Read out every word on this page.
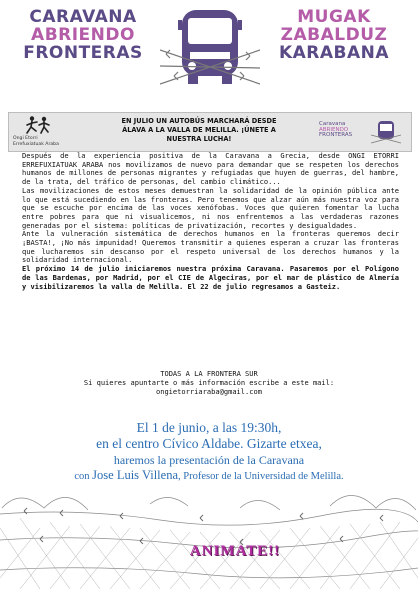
CARAVANA
ABRIENDO
FRONTERAS
MUGAK
ZABALDUZ
KARABANA
Ongi Etorri
Errefuxiatuak Araba
EN JULIO UN AUTOBÚS MARCHARÁ DESDE
ÁLAVA A LA VALLA DE MELILLA. ¡ÚNETE A
NUESTRA LUCHA!
Caravana
ABRIENDO
FRONTERAS

Después de la experiencia positiva de la Caravana a Grecia, desde ONGI ETORRI ERREFUXIATUAK ARABA nos movilizamos de nuevo para demandar que se respeten los derechos humanos de millones de personas migrantes y refugiadas que huyen de guerras, del hambre, de la trata, del tráfico de personas, del cambio climático...

Las movilizaciones de estos meses demuestran la solidaridad de la opinión pública ante lo que está sucediendo en las fronteras. Pero tenemos que alzar aún más nuestra voz para que se escuche por encima de las voces xenófobas. Voces que quieren fomentar la lucha entre pobres para que ni visualicemos, ni nos enfrentemos a las verdaderas razones generadas por el sistema: políticas de privatización, recortes y desigualdades.

Ante la vulneración sistemática de derechos humanos en la fronteras queremos decir ¡BASTA!, ¡No más impunidad! Queremos transmitir a quienes esperan a cruzar las fronteras que lucharemos sin descanso por el respeto universal de los derechos humanos y la solidaridad internacional.

El próximo 14 de julio iniciaremos nuestra próxima Caravana. Pasaremos por el Polígono de las Bardenas, por Madrid, por el CIE de Algeciras, por el mar de plástico de Almería y visibilizaremos la valla de Melilla. El 22 de julio regresamos a Gasteiz.

TODAS A LA FRONTERA SUR
Si quieres apuntarte o más información escribe a este mail:
ongietorriaraba@gmail.com
El 1 de junio, a las 19:30h,
en el centro Cívico Aldabe. Gizarte etxea,
haremos la presentación de la Caravana
con Jose Luis Villena, Profesor de la Universidad de Melilla.
ANIMATE!!
